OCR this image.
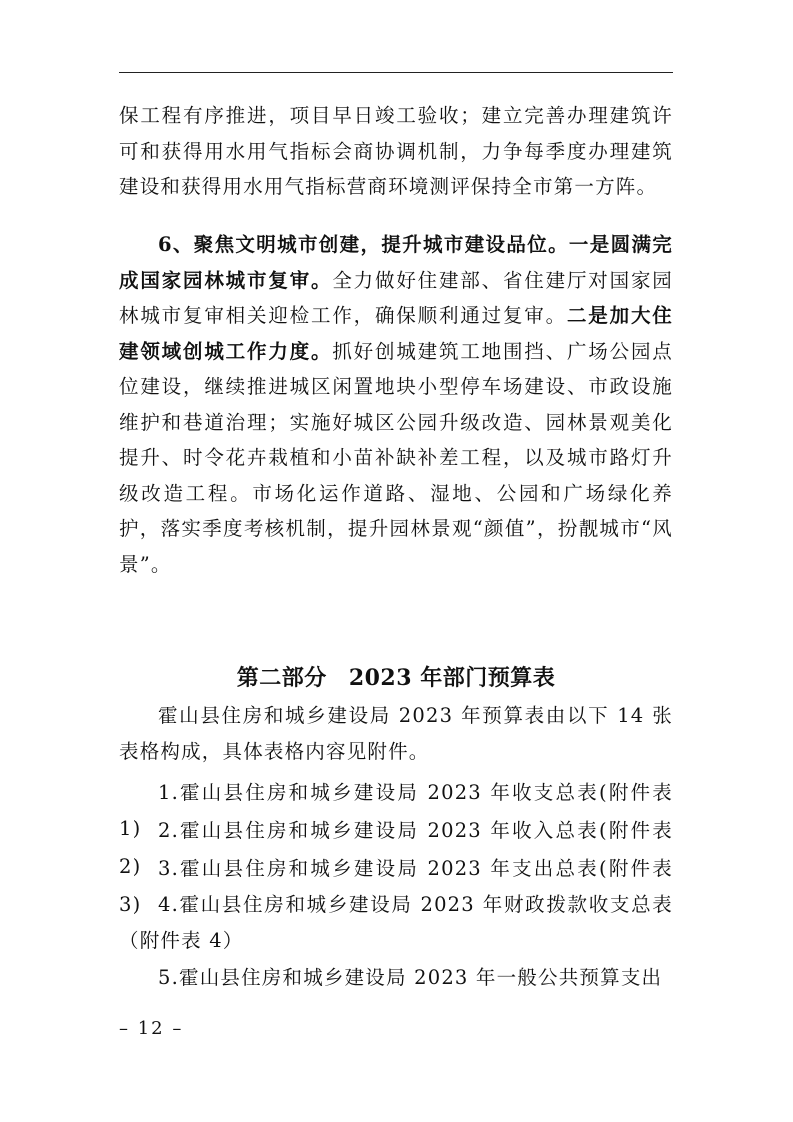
保工程有序推进，项目早日竣工验收；建立完善办理建筑许可和获得用水用气指标会商协调机制，力争每季度办理建筑建设和获得用水用气指标营商环境测评保持全市第一方阵。

6、聚焦文明城市创建，提升城市建设品位。一是圆满完成国家园林城市复审。全力做好住建部、省住建厅对国家园林城市复审相关迎检工作，确保顺利通过复审。二是加大住建领域创城工作力度。抓好创城建筑工地围挡、广场公园点位建设，继续推进城区闲置地块小型停车场建设、市政设施维护和巷道治理；实施好城区公园升级改造、园林景观美化提升、时令花卉栽植和小苗补缺补差工程，以及城市路灯升级改造工程。市场化运作道路、湿地、公园和广场绿化养护，落实季度考核机制，提升园林景观“颜值”，扮靓城市“风景”。

第二部分 2023 年部门预算表

霍山县住房和城乡建设局 2023 年预算表由以下 14 张表格构成，具体表格内容见附件。

1.霍山县住房和城乡建设局 2023 年收支总表(附件表 1) 2.霍山县住房和城乡建设局 2023 年收入总表(附件表 2) 3.霍山县住房和城乡建设局 2023 年支出总表(附件表 3) 4.霍山县住房和城乡建设局 2023 年财政拨款收支总表（附件表 4）

5.霍山县住房和城乡建设局 2023 年一般公共预算支出

– 12 –
